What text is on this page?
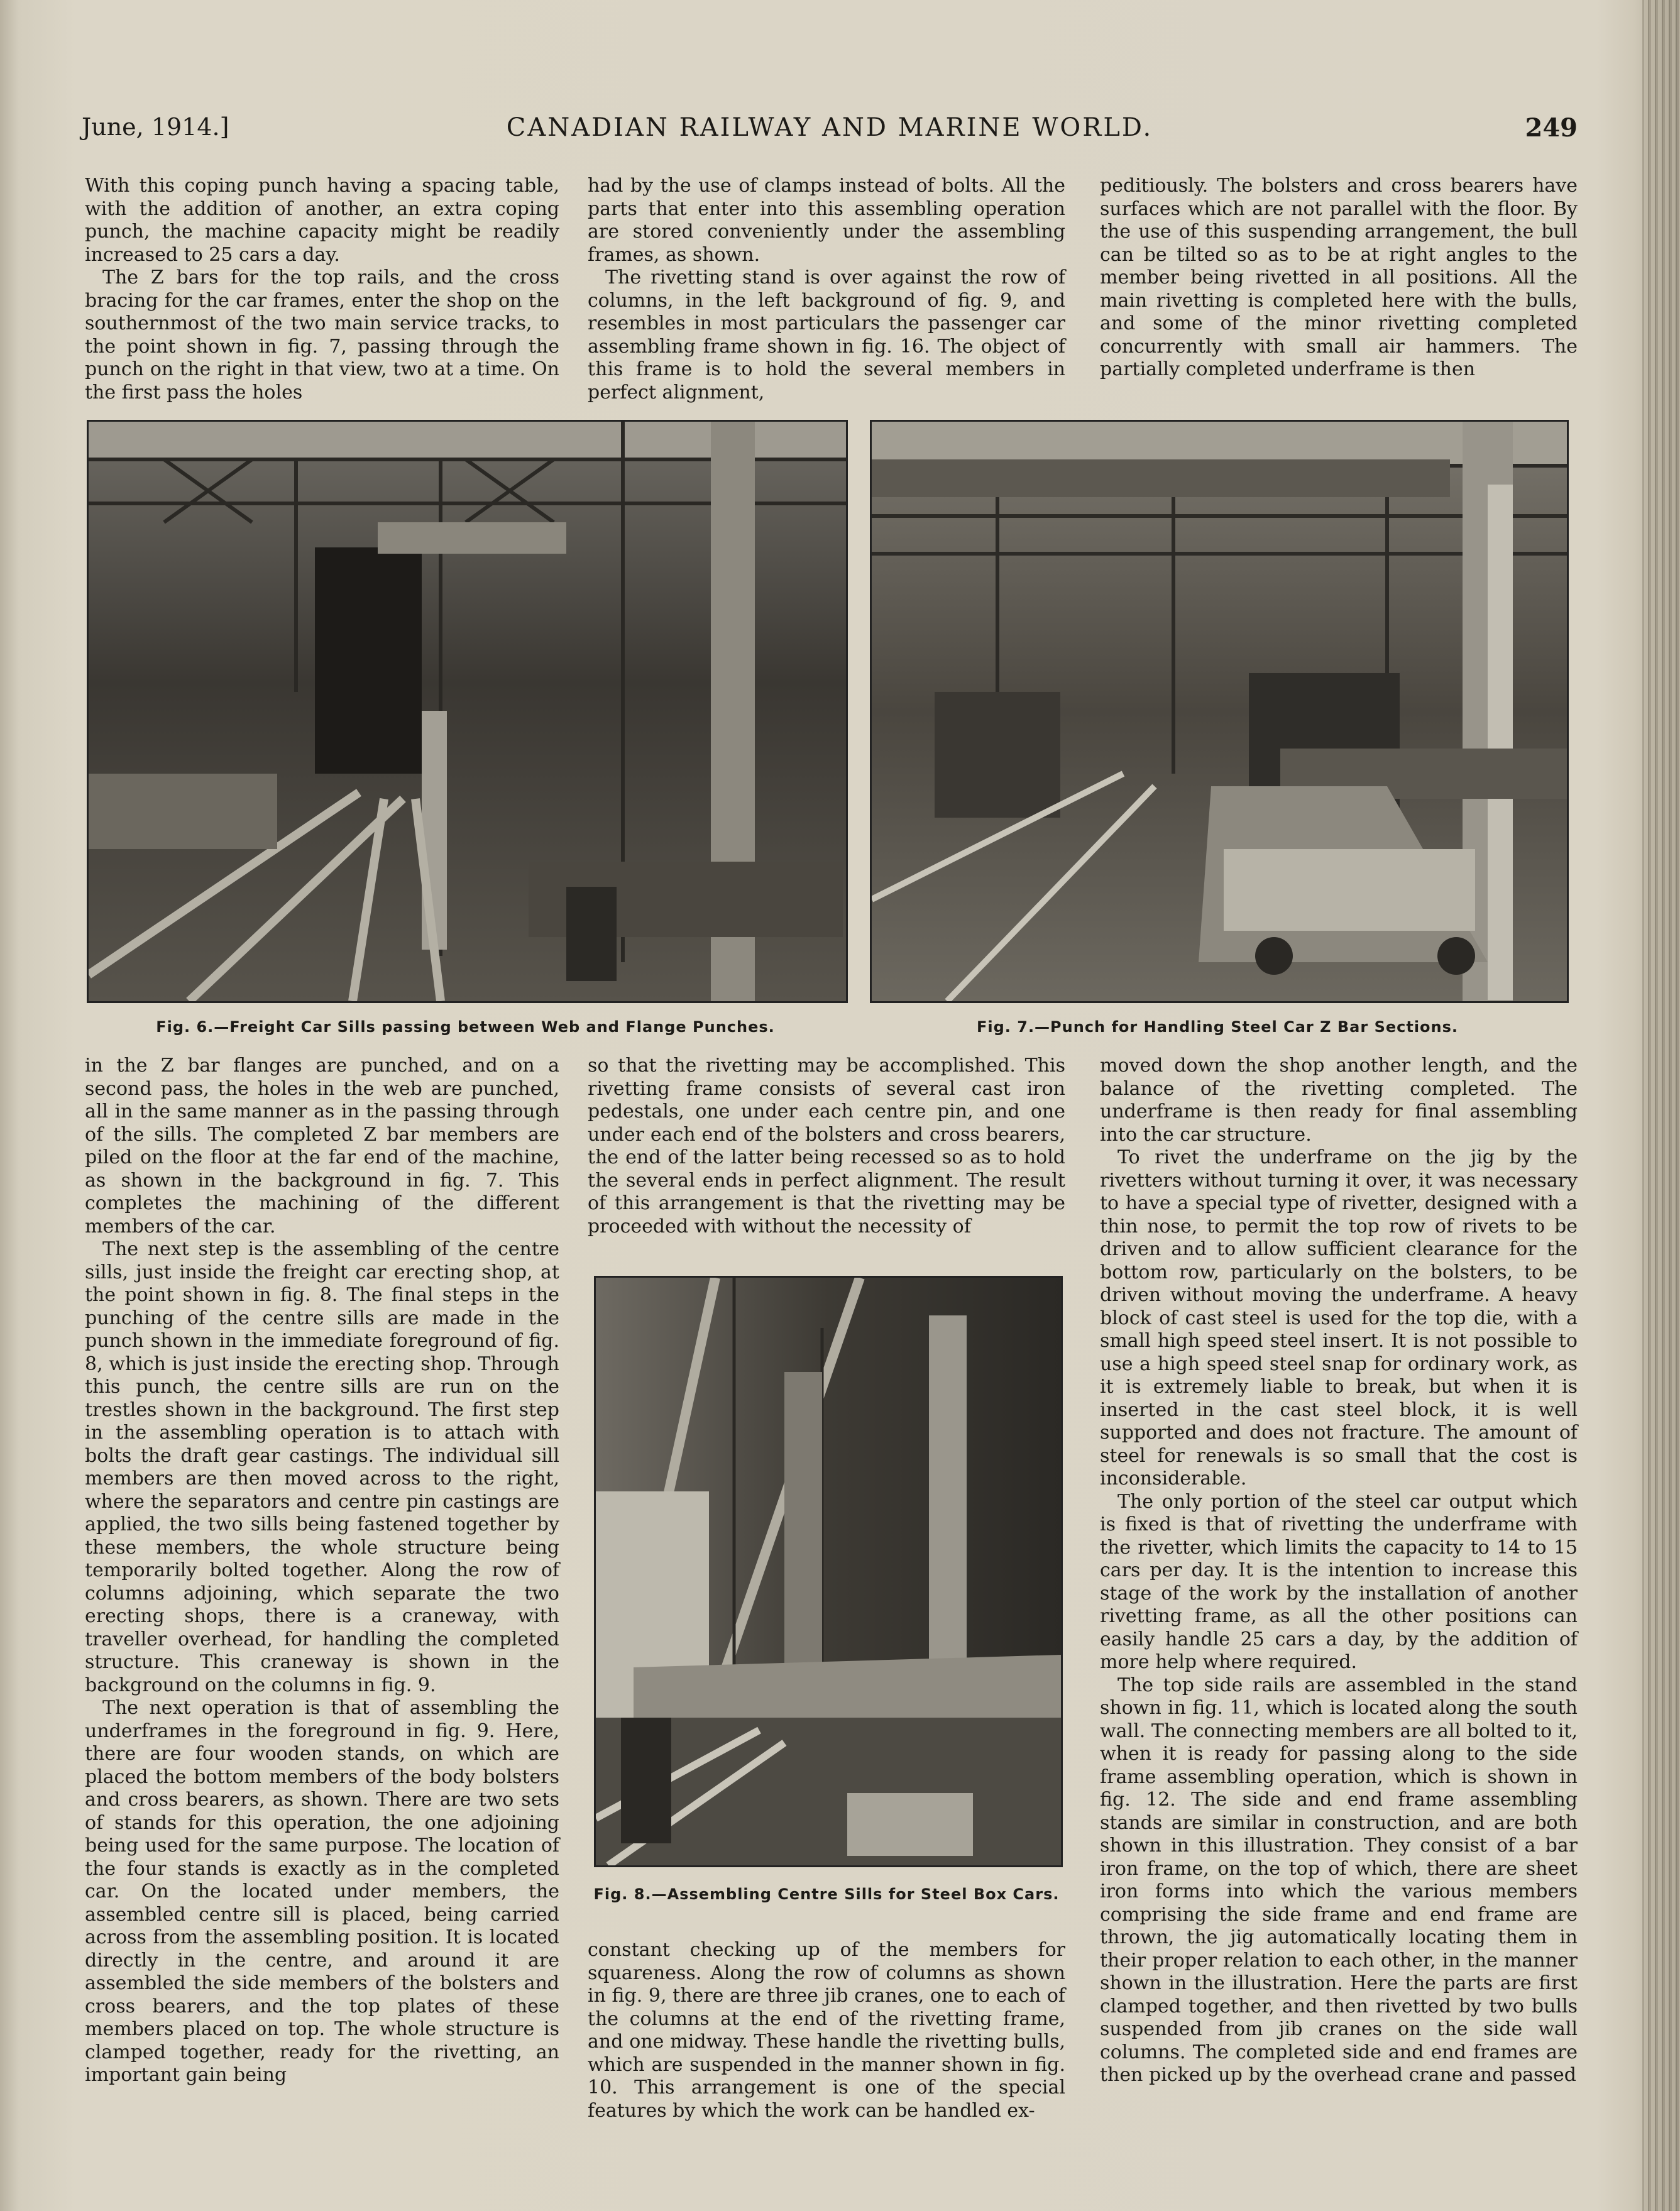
June, 1914.]	CANADIAN RAILWAY AND MARINE WORLD.	249

With this coping punch having a spacing table, with the addition of another, an extra coping punch, the machine capacity might be readily increased to 25 cars a day.

The Z bars for the top rails, and the cross bracing for the car frames, enter the shop on the southernmost of the two main service tracks, to the point shown in fig. 7, passing through the punch on the right in that view, two at a time. On the first pass the holes

had by the use of clamps instead of bolts. All the parts that enter into this assembling operation are stored conveniently under the assembling frames, as shown.

The rivetting stand is over against the row of columns, in the left background of fig. 9, and resembles in most particulars the passenger car assembling frame shown in fig. 16. The object of this frame is to hold the several members in perfect alignment,

peditiously. The bolsters and cross bearers have surfaces which are not parallel with the floor. By the use of this suspending arrangement, the bull can be tilted so as to be at right angles to the member being rivetted in all positions. All the main rivetting is completed here with the bulls, and some of the minor rivetting completed concurrently with small air hammers. The partially completed underframe is then

Fig. 6.—Freight Car Sills passing between Web and Flange Punches.	Fig. 7.—Punch for Handling Steel Car Z Bar Sections.

in the Z bar flanges are punched, and on a second pass, the holes in the web are punched, all in the same manner as in the passing through of the sills. The completed Z bar members are piled on the floor at the far end of the machine, as shown in the background in fig. 7. This completes the machining of the different members of the car.

The next step is the assembling of the centre sills, just inside the freight car erecting shop, at the point shown in fig. 8. The final steps in the punching of the centre sills are made in the punch shown in the immediate foreground of fig. 8, which is just inside the erecting shop. Through this punch, the centre sills are run on the trestles shown in the background. The first step in the assembling operation is to attach with bolts the draft gear castings. The individual sill members are then moved across to the right, where the separators and centre pin castings are applied, the two sills being fastened together by these members, the whole structure being temporarily bolted together. Along the row of columns adjoining, which separate the two erecting shops, there is a craneway, with traveller overhead, for handling the completed structure. This craneway is shown in the background on the columns in fig. 9.

The next operation is that of assembling the underframes in the foreground in fig. 9. Here, there are four wooden stands, on which are placed the bottom members of the body bolsters and cross bearers, as shown. There are two sets of stands for this operation, the one adjoining being used for the same purpose. The location of the four stands is exactly as in the completed car. On the located under members, the assembled centre sill is placed, being carried across from the assembling position. It is located directly in the centre, and around it are assembled the side members of the bolsters and cross bearers, and the top plates of these members placed on top. The whole structure is clamped together, ready for the rivetting, an important gain being

so that the rivetting may be accomplished. This rivetting frame consists of several cast iron pedestals, one under each centre pin, and one under each end of the bolsters and cross bearers, the end of the latter being recessed so as to hold the several ends in perfect alignment. The result of this arrangement is that the rivetting may be proceeded with without the necessity of

Fig. 8.—Assembling Centre Sills for Steel Box Cars.

constant checking up of the members for squareness. Along the row of columns as shown in fig. 9, there are three jib cranes, one to each of the columns at the end of the rivetting frame, and one midway. These handle the rivetting bulls, which are suspended in the manner shown in fig. 10. This arrangement is one of the special features by which the work can be handled ex-

moved down the shop another length, and the balance of the rivetting completed. The underframe is then ready for final assembling into the car structure.

To rivet the underframe on the jig by the rivetters without turning it over, it was necessary to have a special type of rivetter, designed with a thin nose, to permit the top row of rivets to be driven and to allow sufficient clearance for the bottom row, particularly on the bolsters, to be driven without moving the underframe. A heavy block of cast steel is used for the top die, with a small high speed steel insert. It is not possible to use a high speed steel snap for ordinary work, as it is extremely liable to break, but when it is inserted in the cast steel block, it is well supported and does not fracture. The amount of steel for renewals is so small that the cost is inconsiderable.

The only portion of the steel car output which is fixed is that of rivetting the underframe with the rivetter, which limits the capacity to 14 to 15 cars per day. It is the intention to increase this stage of the work by the installation of another rivetting frame, as all the other positions can easily handle 25 cars a day, by the addition of more help where required.

The top side rails are assembled in the stand shown in fig. 11, which is located along the south wall. The connecting members are all bolted to it, when it is ready for passing along to the side frame assembling operation, which is shown in fig. 12. The side and end frame assembling stands are similar in construction, and are both shown in this illustration. They consist of a bar iron frame, on the top of which, there are sheet iron forms into which the various members comprising the side frame and end frame are thrown, the jig automatically locating them in their proper relation to each other, in the manner shown in the illustration. Here the parts are first clamped together, and then rivetted by two bulls suspended from jib cranes on the side wall columns. The completed side and end frames are then picked up by the overhead crane and passed
